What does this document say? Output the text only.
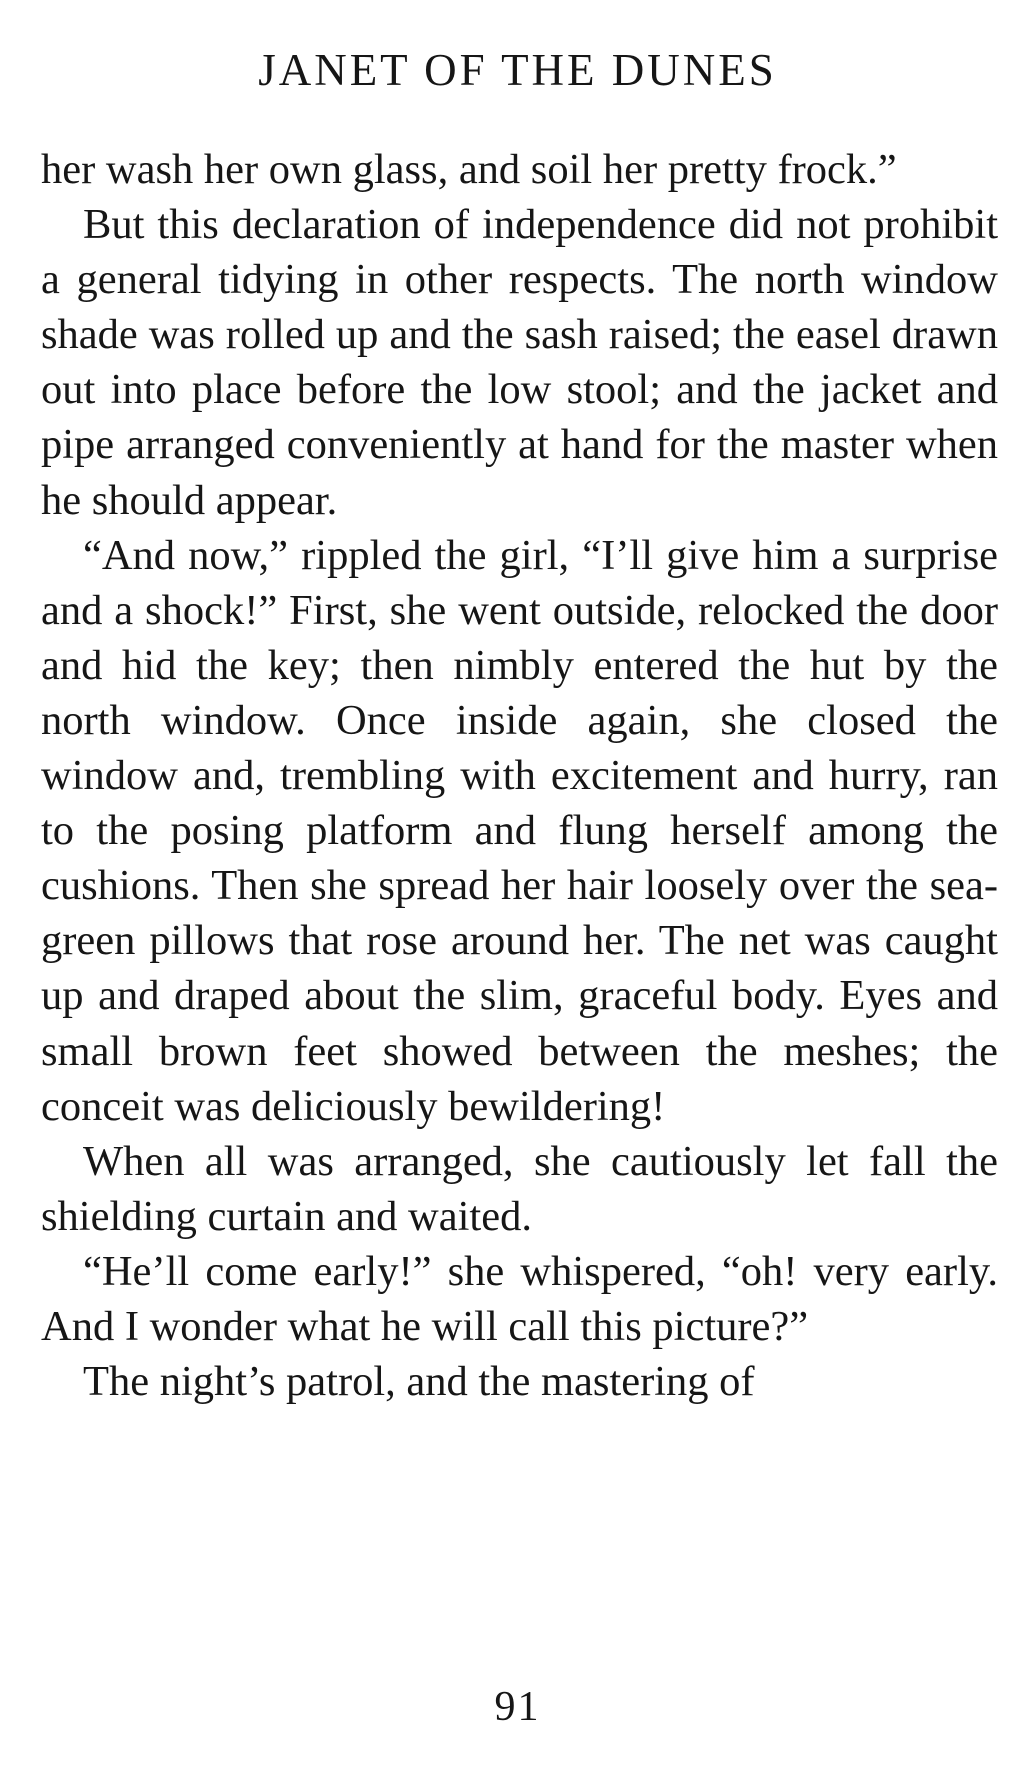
JANET OF THE DUNES

her wash her own glass, and soil her pretty frock.”

But this declaration of independence did not prohibit a general tidying in other respects. The north window shade was rolled up and the sash raised; the easel drawn out into place before the low stool; and the jacket and pipe arranged conveniently at hand for the master when he should appear.

“And now,” rippled the girl, “I’ll give him a surprise and a shock!” First, she went outside, relocked the door and hid the key; then nimbly entered the hut by the north window. Once inside again, she closed the window and, trembling with excitement and hurry, ran to the posing platform and flung herself among the cushions. Then she spread her hair loosely over the sea-green pillows that rose around her. The net was caught up and draped about the slim, graceful body. Eyes and small brown feet showed between the meshes; the conceit was deliciously bewildering!

When all was arranged, she cautiously let fall the shielding curtain and waited.

“He’ll come early!” she whispered, “oh! very early. And I wonder what he will call this picture?”

The night’s patrol, and the mastering of

91
